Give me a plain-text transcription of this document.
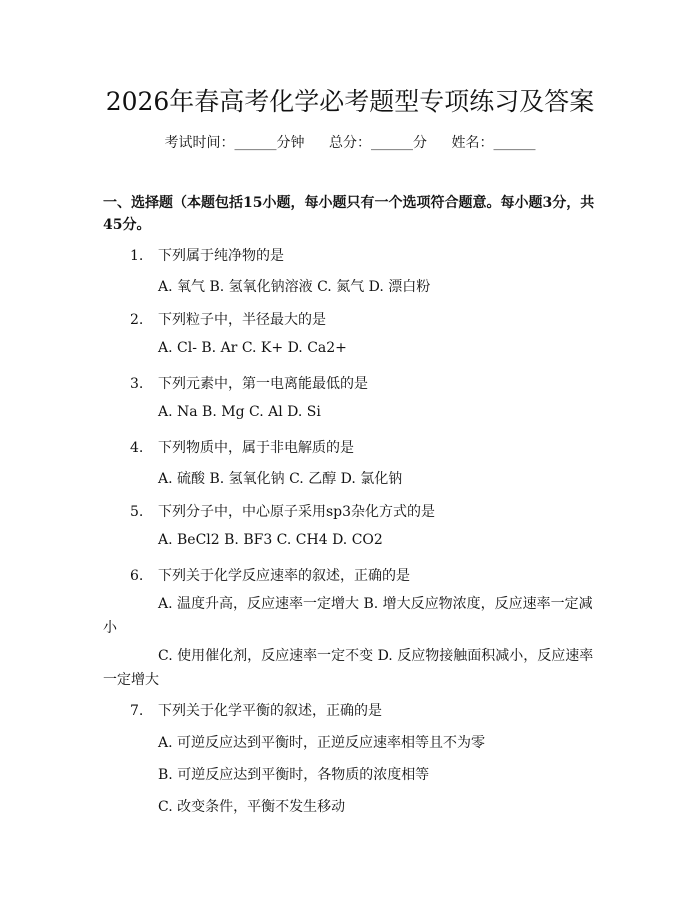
2026年春高考化学必考题型专项练习及答案
考试时间：______分钟 总分：______分 姓名：______
一、选择题（本题包括15小题，每小题只有一个选项符合题意。每小题3分，共45分。
1. 下列属于纯净物的是
A. 氧气 B. 氢氧化钠溶液 C. 氮气 D. 漂白粉
2. 下列粒子中，半径最大的是
A. Cl- B. Ar C. K+ D. Ca2+
3. 下列元素中，第一电离能最低的是
A. Na B. Mg C. Al D. Si
4. 下列物质中，属于非电解质的是
A. 硫酸 B. 氢氧化钠 C. 乙醇 D. 氯化钠
5. 下列分子中，中心原子采用sp3杂化方式的是
A. BeCl2 B. BF3 C. CH4 D. CO2
6. 下列关于化学反应速率的叙述，正确的是
A. 温度升高，反应速率一定增大 B. 增大反应物浓度，反应速率一定减小
C. 使用催化剂，反应速率一定不变 D. 反应物接触面积减小，反应速率一定增大
7. 下列关于化学平衡的叙述，正确的是
A. 可逆反应达到平衡时，正逆反应速率相等且不为零
B. 可逆反应达到平衡时，各物质的浓度相等
C. 改变条件，平衡不发生移动
